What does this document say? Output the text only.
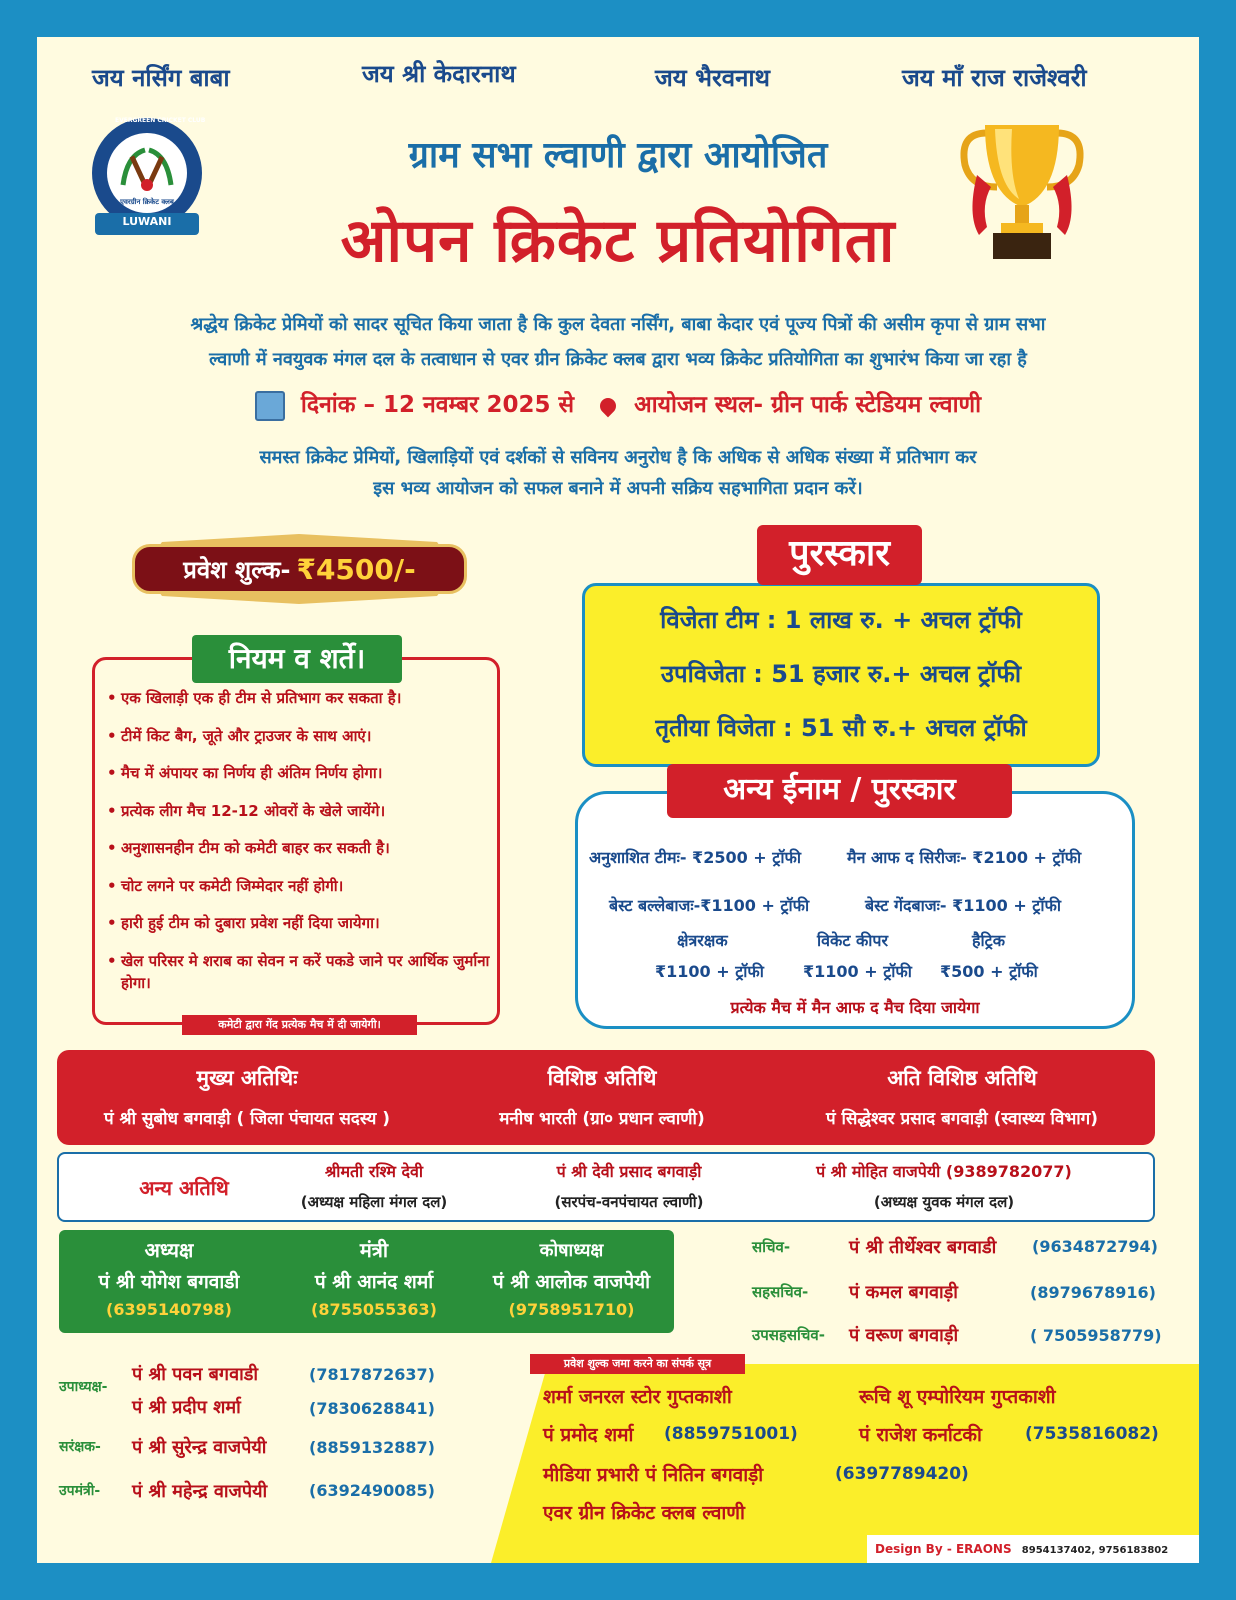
जय नर्सिंग बाबा	जय श्री केदारनाथ	जय भैरवनाथ	जय माँ राज राजेश्वरी
LUWANI
EVERGREEN CRICKET CLUB
एवरग्रीन क्रिकेट क्लब
ग्राम सभा ल्वाणी द्वारा आयोजित
ओपन क्रिकेट प्रतियोगिता
श्रद्धेय क्रिकेट प्रेमियों को सादर सूचित किया जाता है कि कुल देवता नर्सिंग, बाबा केदार एवं पूज्य पित्रों की असीम कृपा से ग्राम सभा
ल्वाणी में नवयुवक मंगल दल के तत्वाधान से एवर ग्रीन क्रिकेट क्लब द्वारा भव्य क्रिकेट प्रतियोगिता का शुभारंभ किया जा रहा है
दिनांक – 12 नवम्बर 2025 से	आयोजन स्थल- ग्रीन पार्क स्टेडियम ल्वाणी
समस्त क्रिकेट प्रेमियों, खिलाड़ियों एवं दर्शकों से सविनय अनुरोध है कि अधिक से अधिक संख्या में प्रतिभाग कर
इस भव्य आयोजन को सफल बनाने में अपनी सक्रिय सहभागिता प्रदान करें।
प्रवेश शुल्क- ₹4500/-
नियम व शर्ते।
• एक खिलाड़ी एक ही टीम से प्रतिभाग कर सकता है।
• टीमें किट बैग, जूते और ट्राउजर के साथ आएं।
• मैच में अंपायर का निर्णय ही अंतिम निर्णय होगा।
• प्रत्येक लीग मैच 12-12 ओवरों के खेले जायेंगे।
• अनुशासनहीन टीम को कमेटी बाहर कर सकती है।
• चोट लगने पर कमेटी जिम्मेदार नहीं होगी।
• हारी हुई टीम को दुबारा प्रवेश नहीं दिया जायेगा।
• खेल परिसर मे शराब का सेवन न करें पकडे जाने पर आर्थिक जुर्माना होगा।
कमेटी द्वारा गेंद प्रत्येक मैच में दी जायेगी।
पुरस्कार
विजेता टीम : 1 लाख रु. + अचल ट्रॉफी
उपविजेता : 51 हजार रु.+ अचल ट्रॉफी
तृतीया विजेता : 51 सौ रु.+ अचल ट्रॉफी
अन्य ईनाम / पुरस्कार
अनुशाशित टीमः- ₹2500 + ट्रॉफी	मैन आफ द सिरीजः- ₹2100 + ट्रॉफी
बेस्ट बल्लेबाजः-₹1100 + ट्रॉफी	बेस्ट गेंदबाजः- ₹1100 + ट्रॉफी
क्षेत्ररक्षक	विकेट कीपर	हैट्रिक
₹1100 + ट्रॉफी ₹1100 + ट्रॉफी ₹500 + ट्रॉफी
प्रत्येक मैच में मैन आफ द मैच दिया जायेगा
मुख्य अतिथिः
पं श्री सुबोध बगवाड़ी ( जिला पंचायत सदस्य )
विशिष्ठ अतिथि
मनीष भारती (ग्रा० प्रधान ल्वाणी)
अति विशिष्ठ अतिथि
पं सिद्धेश्वर प्रसाद बगवाड़ी (स्वास्थ्य विभाग)
अन्य अतिथि
श्रीमती रश्मि देवी
(अध्यक्ष महिला मंगल दल)
पं श्री देवी प्रसाद बगवाड़ी
(सरपंच-वनपंचायत ल्वाणी)
पं श्री मोहित वाजपेयी (9389782077)
(अध्यक्ष युवक मंगल दल)
अध्यक्ष
पं श्री योगेश बगवाडी
(6395140798)
मंत्री
पं श्री आनंद शर्मा
(8755055363)
कोषाध्यक्ष
पं श्री आलोक वाजपेयी
(9758951710)
सचिव-	पं श्री तीर्थेश्वर बगवाडी (9634872794)
सहसचिव- पं कमल बगवाड़ी	(8979678916)
उपसहसचिव- पं वरूण बगवाड़ी	( 7505958779)
उपाध्यक्ष-
पं श्री पवन बगवाडी	(7817872637)
पं श्री प्रदीप शर्मा	(7830628841)
सरंक्षक- पं श्री सुरेन्द्र वाजपेयी	(8859132887)
उपमंत्री- पं श्री महेन्द्र वाजपेयी	(6392490085)
प्रवेश शुल्क जमा करने का संपर्क सूत्र
शर्मा जनरल स्टोर गुप्तकाशी
पं प्रमोद शर्मा (8859751001)
रूचि शू एम्पोरियम गुप्तकाशी
पं राजेश कर्नाटकी	(7535816082)
मीडिया प्रभारी पं नितिन बगवाड़ी	(6397789420)
एवर ग्रीन क्रिकेट क्लब ल्वाणी
Design By - ERAONS 8954137402, 9756183802
